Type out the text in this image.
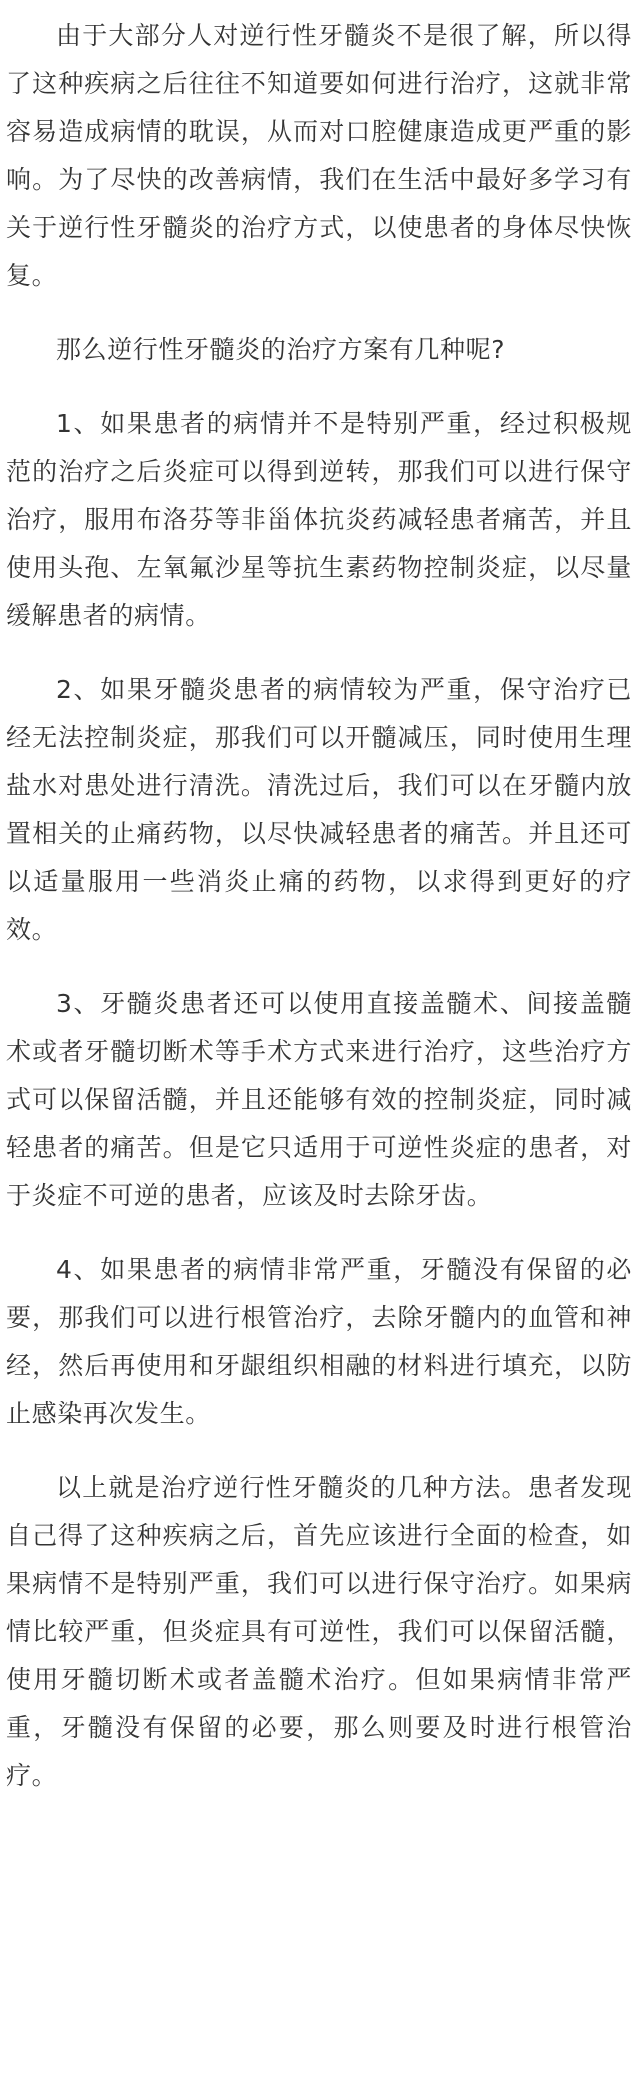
由于大部分人对逆行性牙髓炎不是很了解，所以得了这种疾病之后往往不知道要如何进行治疗，这就非常容易造成病情的耽误，从而对口腔健康造成更严重的影响。为了尽快的改善病情，我们在生活中最好多学习有关于逆行性牙髓炎的治疗方式，以使患者的身体尽快恢复。

那么逆行性牙髓炎的治疗方案有几种呢?

1、如果患者的病情并不是特别严重，经过积极规范的治疗之后炎症可以得到逆转，那我们可以进行保守治疗，服用布洛芬等非甾体抗炎药减轻患者痛苦，并且使用头孢、左氧氟沙星等抗生素药物控制炎症，以尽量缓解患者的病情。

2、如果牙髓炎患者的病情较为严重，保守治疗已经无法控制炎症，那我们可以开髓减压，同时使用生理盐水对患处进行清洗。清洗过后，我们可以在牙髓内放置相关的止痛药物，以尽快减轻患者的痛苦。并且还可以适量服用一些消炎止痛的药物，以求得到更好的疗效。

3、牙髓炎患者还可以使用直接盖髓术、间接盖髓术或者牙髓切断术等手术方式来进行治疗，这些治疗方式可以保留活髓，并且还能够有效的控制炎症，同时减轻患者的痛苦。但是它只适用于可逆性炎症的患者，对于炎症不可逆的患者，应该及时去除牙齿。

4、如果患者的病情非常严重，牙髓没有保留的必要，那我们可以进行根管治疗，去除牙髓内的血管和神经，然后再使用和牙龈组织相融的材料进行填充，以防止感染再次发生。

以上就是治疗逆行性牙髓炎的几种方法。患者发现自己得了这种疾病之后，首先应该进行全面的检查，如果病情不是特别严重，我们可以进行保守治疗。如果病情比较严重，但炎症具有可逆性，我们可以保留活髓，使用牙髓切断术或者盖髓术治疗。但如果病情非常严重，牙髓没有保留的必要，那么则要及时进行根管治疗。
